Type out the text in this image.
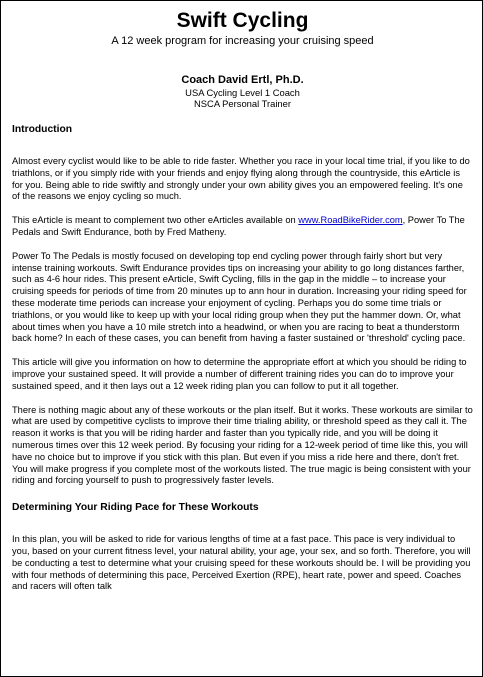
Swift Cycling
A 12 week program for increasing your cruising speed
Coach David Ertl, Ph.D.
USA Cycling Level 1 Coach
NSCA Personal Trainer
Introduction

Almost every cyclist would like to be able to ride faster. Whether you race in your local time trial, if you like to do triathlons, or if you simply ride with your friends and enjoy flying along through the countryside, this eArticle is for you. Being able to ride swiftly and strongly under your own ability gives you an empowered feeling. It's one of the reasons we enjoy cycling so much.

This eArticle is meant to complement two other eArticles available on www.RoadBikeRider.com, Power To The Pedals and Swift Endurance, both by Fred Matheny.

Power To The Pedals is mostly focused on developing top end cycling power through fairly short but very intense training workouts. Swift Endurance provides tips on increasing your ability to go long distances farther, such as 4-6 hour rides. This present eArticle, Swift Cycling, fills in the gap in the middle – to increase your cruising speeds for periods of time from 20 minutes up to ann hour in duration. Increasing your riding speed for these moderate time periods can increase your enjoyment of cycling. Perhaps you do some time trials or triathlons, or you would like to keep up with your local riding group when they put the hammer down. Or, what about times when you have a 10 mile stretch into a headwind, or when you are racing to beat a thunderstorm back home? In each of these cases, you can benefit from having a faster sustained or 'threshold' cycling pace.

This article will give you information on how to determine the appropriate effort at which you should be riding to improve your sustained speed. It will provide a number of different training rides you can do to improve your sustained speed, and it then lays out a 12 week riding plan you can follow to put it all together.

There is nothing magic about any of these workouts or the plan itself. But it works. These workouts are similar to what are used by competitive cyclists to improve their time trialing ability, or threshold speed as they call it. The reason it works is that you will be riding harder and faster than you typically ride, and you will be doing it numerous times over this 12 week period. By focusing your riding for a 12-week period of time like this, you will have no choice but to improve if you stick with this plan. But even if you miss a ride here and there, don't fret. You will make progress if you complete most of the workouts listed. The true magic is being consistent with your riding and forcing yourself to push to progressively faster levels.

Determining Your Riding Pace for These Workouts

In this plan, you will be asked to ride for various lengths of time at a fast pace. This pace is very individual to you, based on your current fitness level, your natural ability, your age, your sex, and so forth. Therefore, you will be conducting a test to determine what your cruising speed for these workouts should be. I will be providing you with four methods of determining this pace, Perceived Exertion (RPE), heart rate, power and speed. Coaches and racers will often talk
